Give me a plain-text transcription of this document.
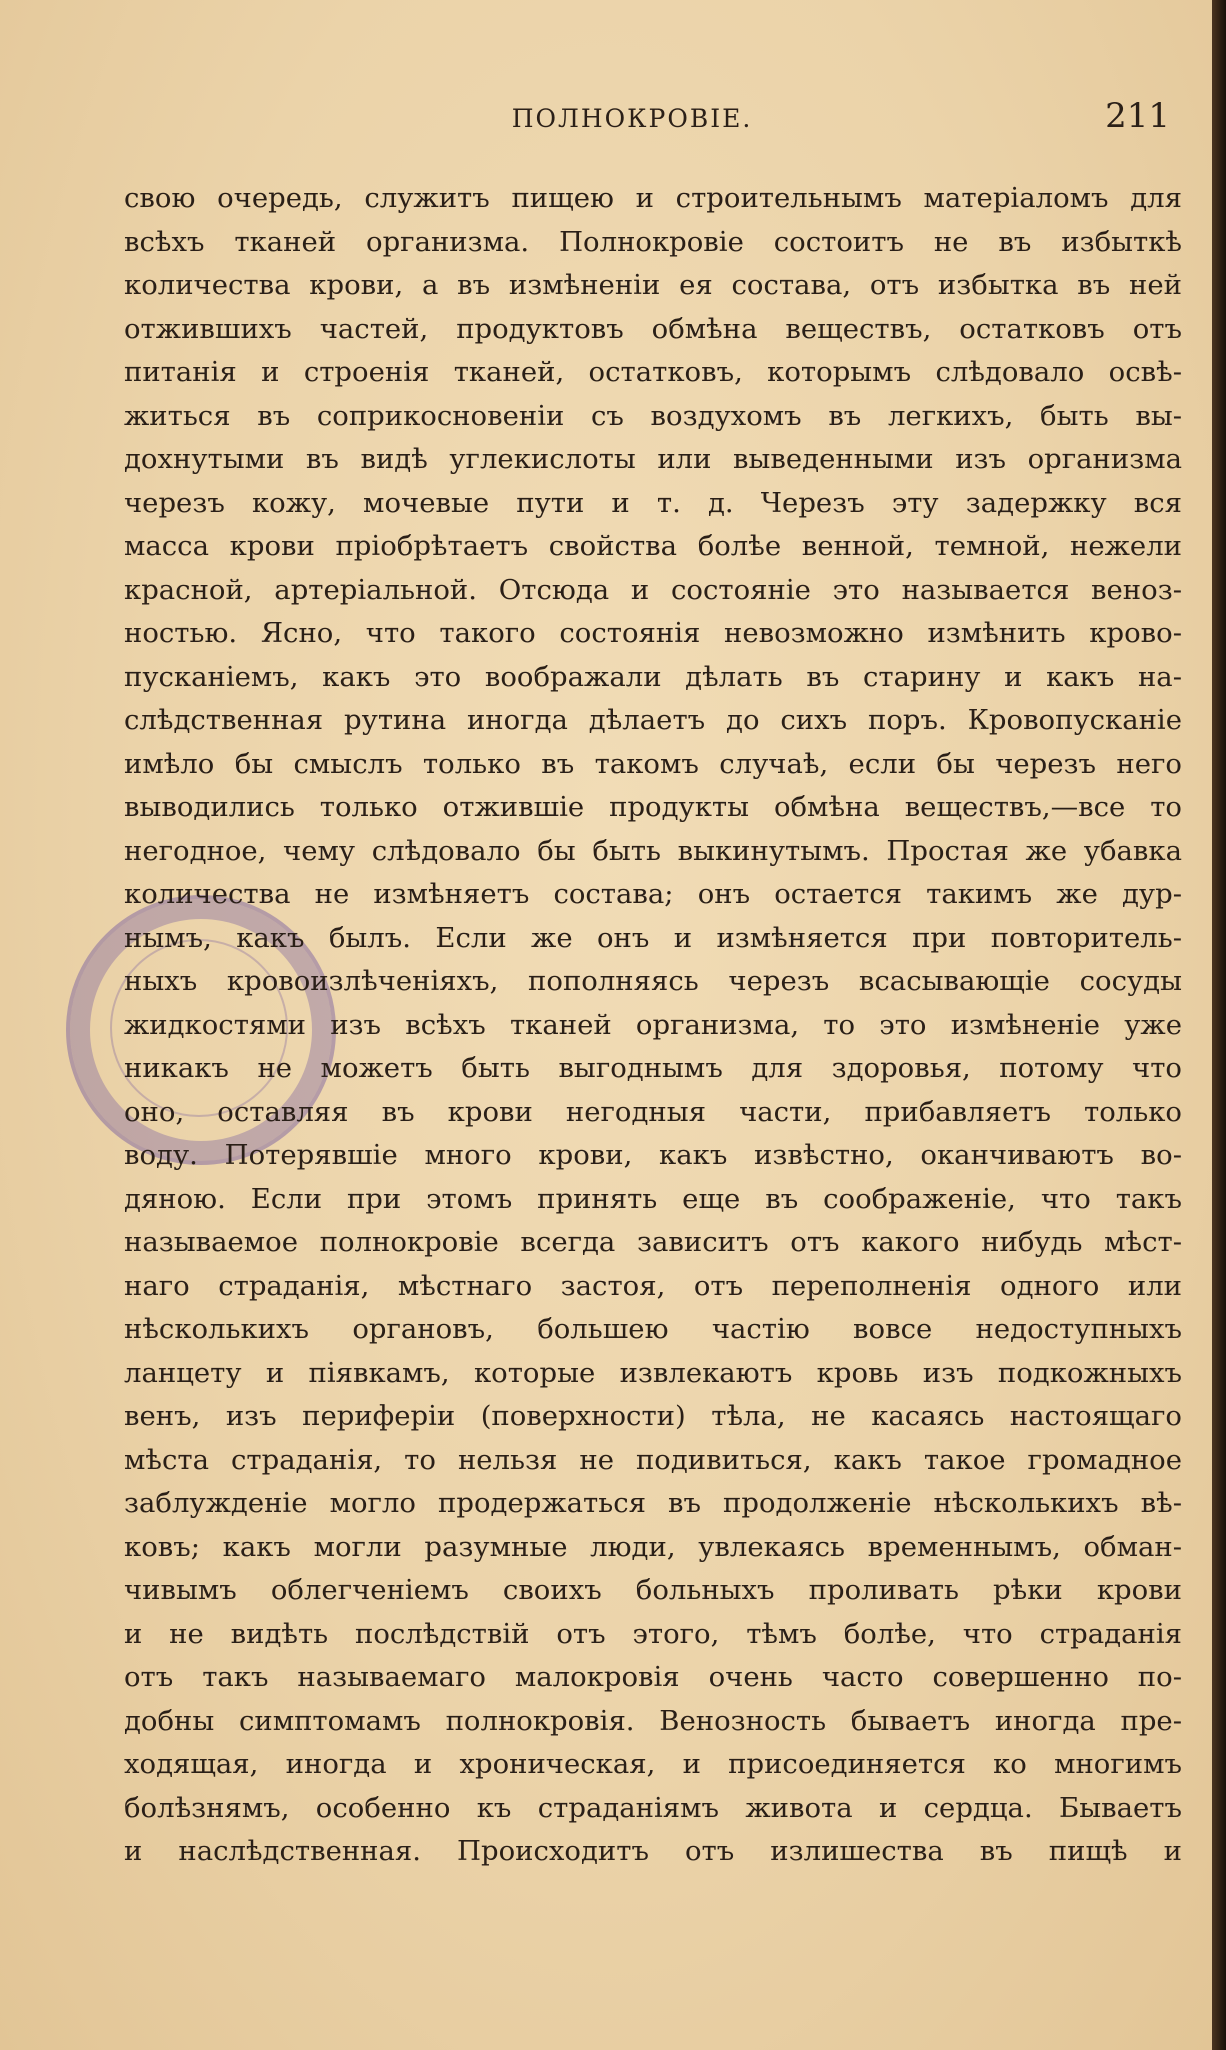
ПОЛНОКРОВІЕ.	211
свою очередь, служитъ пищею и строительнымъ матеріаломъ для
всѣхъ тканей организма. Полнокровіе состоитъ не въ избыткѣ
количества крови, а въ измѣненіи ея состава, отъ избытка въ ней
отжившихъ частей, продуктовъ обмѣна веществъ, остатковъ отъ
питанія и строенія тканей, остатковъ, которымъ слѣдовало освѣ-
житься въ соприкосновеніи съ воздухомъ въ легкихъ, быть вы-
дохнутыми въ видѣ углекислоты или выведенными изъ организма
черезъ кожу, мочевые пути и т. д. Черезъ эту задержку вся
масса крови пріобрѣтаетъ свойства болѣе венной, темной, нежели
красной, артеріальной. Отсюда и состояніе это называется веноз-
ностью. Ясно, что такого состоянія невозможно измѣнить крово-
пусканіемъ, какъ это воображали дѣлать въ старину и какъ на-
слѣдственная рутина иногда дѣлаетъ до сихъ поръ. Кровопусканіе
имѣло бы смыслъ только въ такомъ случаѣ, если бы черезъ него
выводились только отжившіе продукты обмѣна веществъ,—все то
негодное, чему слѣдовало бы быть выкинутымъ. Простая же убавка
количества не измѣняетъ состава; онъ остается такимъ же дур-
нымъ, какъ былъ. Если же онъ и измѣняется при повторитель-
ныхъ кровоизлѣченіяхъ, пополняясь черезъ всасывающіе сосуды
жидкостями изъ всѣхъ тканей организма, то это измѣненіе уже
никакъ не можетъ быть выгоднымъ для здоровья, потому что
оно, оставляя въ крови негодныя части, прибавляетъ только
воду. Потерявшіе много крови, какъ извѣстно, оканчиваютъ во-
дяною. Если при этомъ принять еще въ соображеніе, что такъ
называемое полнокровіе всегда зависитъ отъ какого нибудь мѣст-
наго страданія, мѣстнаго застоя, отъ переполненія одного или
нѣсколькихъ органовъ, большею частію вовсе недоступныхъ
ланцету и піявкамъ, которые извлекаютъ кровь изъ подкожныхъ
венъ, изъ периферіи (поверхности) тѣла, не касаясь настоящаго
мѣста страданія, то нельзя не подивиться, какъ такое громадное
заблужденіе могло продержаться въ продолженіе нѣсколькихъ вѣ-
ковъ; какъ могли разумные люди, увлекаясь временнымъ, обман-
чивымъ облегченіемъ своихъ больныхъ проливать рѣки крови
и не видѣть послѣдствій отъ этого, тѣмъ болѣе, что страданія
отъ такъ называемаго малокровія очень часто совершенно по-
добны симптомамъ полнокровія. Венозность бываетъ иногда пре-
ходящая, иногда и хроническая, и присоединяется ко многимъ
болѣзнямъ, особенно къ страданіямъ живота и сердца. Бываетъ
и наслѣдственная. Происходитъ отъ излишества въ пищѣ и
